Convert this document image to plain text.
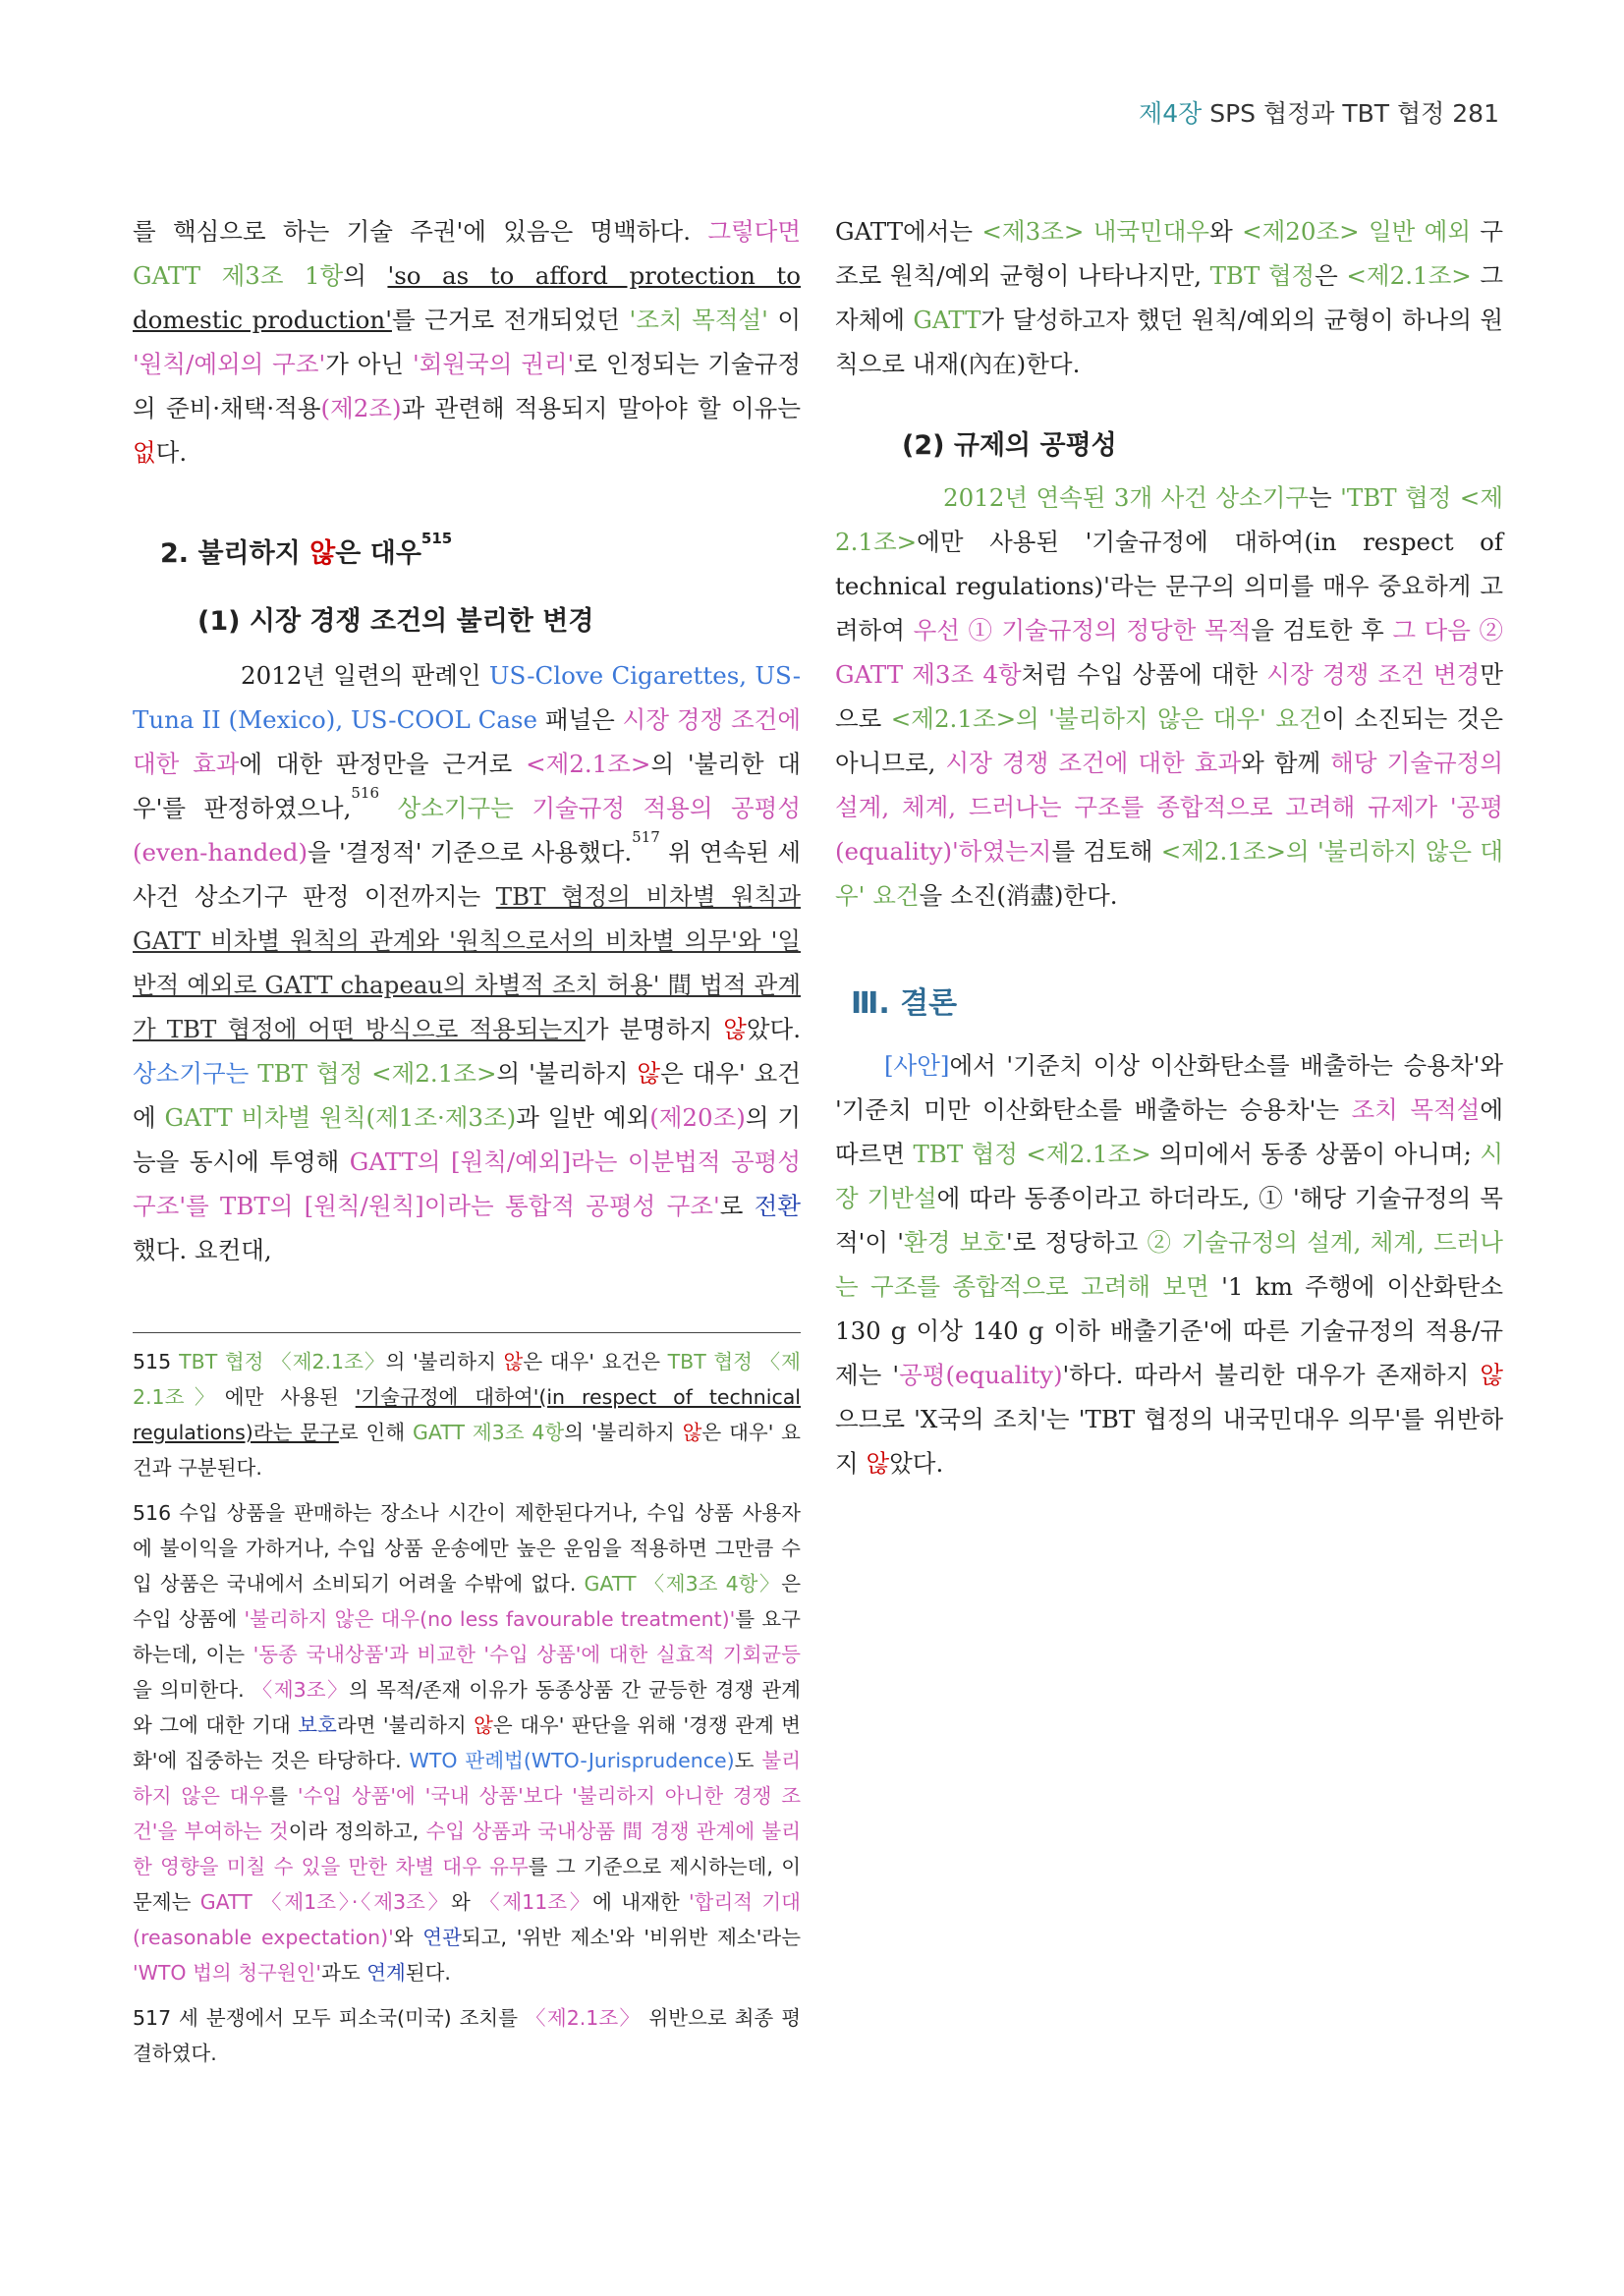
제4장 SPS 협정과 TBT 협정 281

를 핵심으로 하는 기술 주권'에 있음은 명백하다. 그렇다면 GATT 제3조 1항의 'so as to afford protection to domestic production'를 근거로 전개되었던 '조치 목적설' 이 '원칙/예외의 구조'가 아닌 '회원국의 권리'로 인정되는 기술규정의 준비·채택·적용(제2조)과 관련해 적용되지 말아야 할 이유는 없다.

2. 불리하지 않은 대우$^{515}$

(1) 시장 경쟁 조건의 불리한 변경

2012년 일련의 판례인 US-Clove Cigarettes, US-Tuna II (Mexico), US-COOL Case 패널은 시장 경쟁 조건에 대한 효과에 대한 판정만을 근거로 <제2.1조>의 '불리한 대우'를 판정하였으나,$^{516}$ 상소기구는 기술규정 적용의 공평성(even-handed)을 '결정적' 기준으로 사용했다.$^{517}$ 위 연속된 세 사건 상소기구 판정 이전까지는 TBT 협정의 비차별 원칙과 GATT 비차별 원칙의 관계와 '원칙으로서의 비차별 의무'와 '일반적 예외로 GATT chapeau의 차별적 조치 허용' 間 법적 관계가 TBT 협정에 어떤 방식으로 적용되는지가 분명하지 않았다. 상소기구는 TBT 협정 <제2.1조>의 '불리하지 않은 대우' 요건에 GATT 비차별 원칙(제1조·제3조)과 일반 예외(제20조)의 기능을 동시에 투영해 GATT의 [원칙/예외]라는 이분법적 공평성 구조'를 TBT의 [원칙/원칙]이라는 통합적 공평성 구조'로 전환했다. 요컨대,

GATT에서는 <제3조> 내국민대우와 <제20조> 일반 예외 구조로 원칙/예외 균형이 나타나지만, TBT 협정은 <제2.1조> 그 자체에 GATT가 달성하고자 했던 원칙/예외의 균형이 하나의 원칙으로 내재(內在)한다.

(2) 규제의 공평성

2012년 연속된 3개 사건 상소기구는 'TBT 협정 <제2.1조>에만 사용된 '기술규정에 대하여(in respect of technical regulations)'라는 문구의 의미를 매우 중요하게 고려하여 우선 ① 기술규정의 정당한 목적을 검토한 후 그 다음 ② GATT 제3조 4항처럼 수입 상품에 대한 시장 경쟁 조건 변경만으로 <제2.1조>의 '불리하지 않은 대우' 요건이 소진되는 것은 아니므로, 시장 경쟁 조건에 대한 효과와 함께 해당 기술규정의 설계, 체계, 드러나는 구조를 종합적으로 고려해 규제가 '공평(equality)'하였는지를 검토해 <제2.1조>의 '불리하지 않은 대우' 요건을 소진(消盡)한다.

Ⅲ. 결론

[사안]에서 '기준치 이상 이산화탄소를 배출하는 승용차'와 '기준치 미만 이산화탄소를 배출하는 승용차'는 조치 목적설에 따르면 TBT 협정 <제2.1조> 의미에서 동종 상품이 아니며; 시장 기반설에 따라 동종이라고 하더라도, ① '해당 기술규정의 목적'이 '환경 보호'로 정당하고 ② 기술규정의 설계, 체계, 드러나는 구조를 종합적으로 고려해 보면 '1 km 주행에 이산화탄소 130 g 이상 140 g 이하 배출기준'에 따른 기술규정의 적용/규제는 '공평(equality)'하다. 따라서 불리한 대우가 존재하지 않으므로 'X국의 조치'는 'TBT 협정의 내국민대우 의무'를 위반하지 않았다.

515 TBT 협정 〈제2.1조〉의 '불리하지 않은 대우' 요건은 TBT 협정 〈제2.1조〉에만 사용된 '기술규정에 대하여'(in respect of technical regulations)라는 문구로 인해 GATT 제3조 4항의 '불리하지 않은 대우' 요건과 구분된다.

516 수입 상품을 판매하는 장소나 시간이 제한된다거나, 수입 상품 사용자에 불이익을 가하거나, 수입 상품 운송에만 높은 운임을 적용하면 그만큼 수입 상품은 국내에서 소비되기 어려울 수밖에 없다. GATT 〈제3조 4항〉은 수입 상품에 '불리하지 않은 대우(no less favourable treatment)'를 요구하는데, 이는 '동종 국내상품'과 비교한 '수입 상품'에 대한 실효적 기회균등을 의미한다. 〈제3조〉의 목적/존재 이유가 동종상품 간 균등한 경쟁 관계와 그에 대한 기대 보호라면 '불리하지 않은 대우' 판단을 위해 '경쟁 관계 변화'에 집중하는 것은 타당하다. WTO 판례법(WTO-Jurisprudence)도 불리하지 않은 대우를 '수입 상품'에 '국내 상품'보다 '불리하지 아니한 경쟁 조건'을 부여하는 것이라 정의하고, 수입 상품과 국내상품 間 경쟁 관계에 불리한 영향을 미칠 수 있을 만한 차별 대우 유무를 그 기준으로 제시하는데, 이 문제는 GATT 〈제1조〉·〈제3조〉와 〈제11조〉에 내재한 '합리적 기대(reasonable expectation)'와 연관되고, '위반 제소'와 '비위반 제소'라는 'WTO 법의 청구원인'과도 연계된다.

517 세 분쟁에서 모두 피소국(미국) 조치를 〈제2.1조〉 위반으로 최종 평결하였다.
